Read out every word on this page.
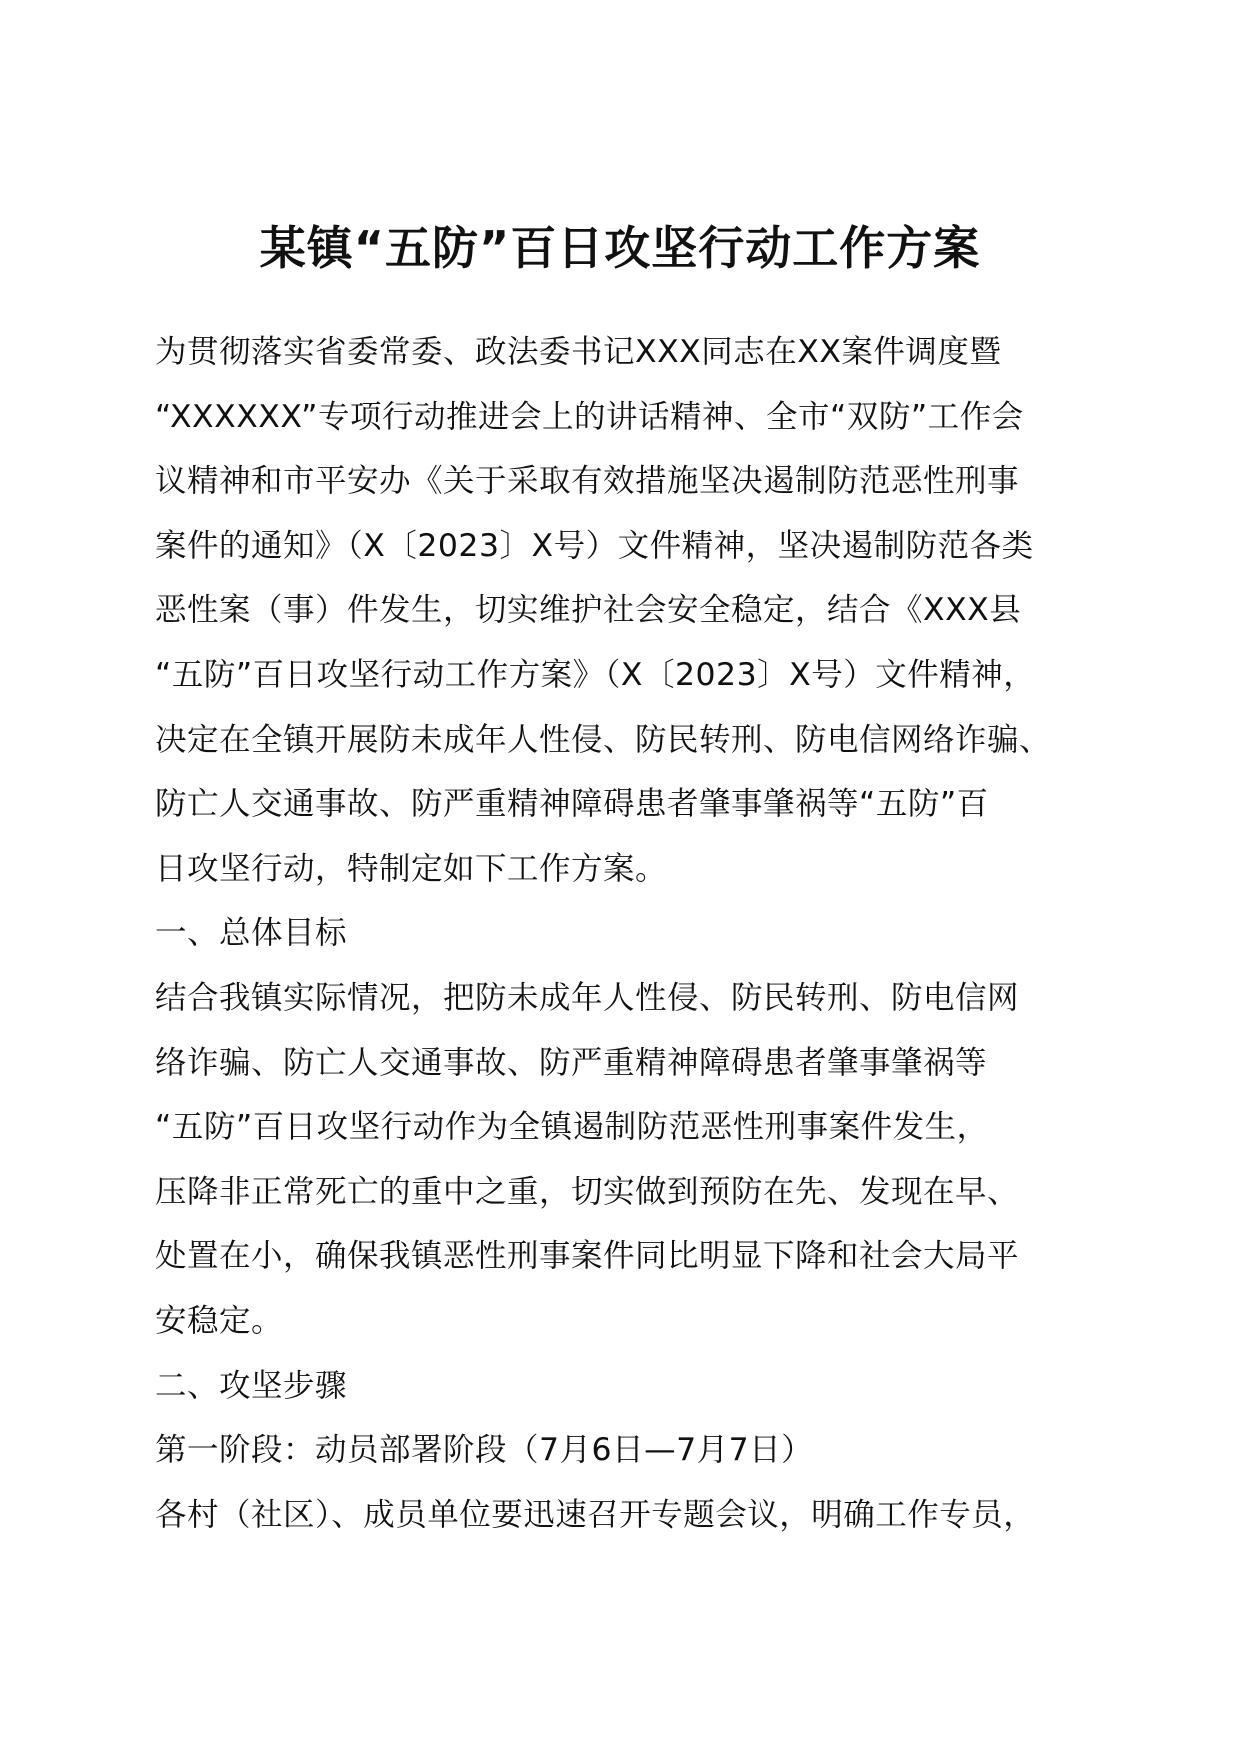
某镇“五防”百日攻坚行动工作方案

为贯彻落实省委常委、政法委书记XXX同志在XX案件调度暨

“XXXXXX”专项行动推进会上的讲话精神、全市“双防”工作会

议精神和市平安办《关于采取有效措施坚决遏制防范恶性刑事

案件的通知》（X〔2023〕X号）文件精神，坚决遏制防范各类

恶性案（事）件发生，切实维护社会安全稳定，结合《XXX县

“五防”百日攻坚行动工作方案》（X〔2023〕X号）文件精神，

决定在全镇开展防未成年人性侵、防民转刑、防电信网络诈骗、

防亡人交通事故、防严重精神障碍患者肇事肇祸等“五防”百

日攻坚行动，特制定如下工作方案。

一、总体目标

结合我镇实际情况，把防未成年人性侵、防民转刑、防电信网

络诈骗、防亡人交通事故、防严重精神障碍患者肇事肇祸等

“五防”百日攻坚行动作为全镇遏制防范恶性刑事案件发生，

压降非正常死亡的重中之重，切实做到预防在先、发现在早、

处置在小，确保我镇恶性刑事案件同比明显下降和社会大局平

安稳定。

二、攻坚步骤

第一阶段：动员部署阶段（7月6日—7月7日）

各村（社区）、成员单位要迅速召开专题会议，明确工作专员，
